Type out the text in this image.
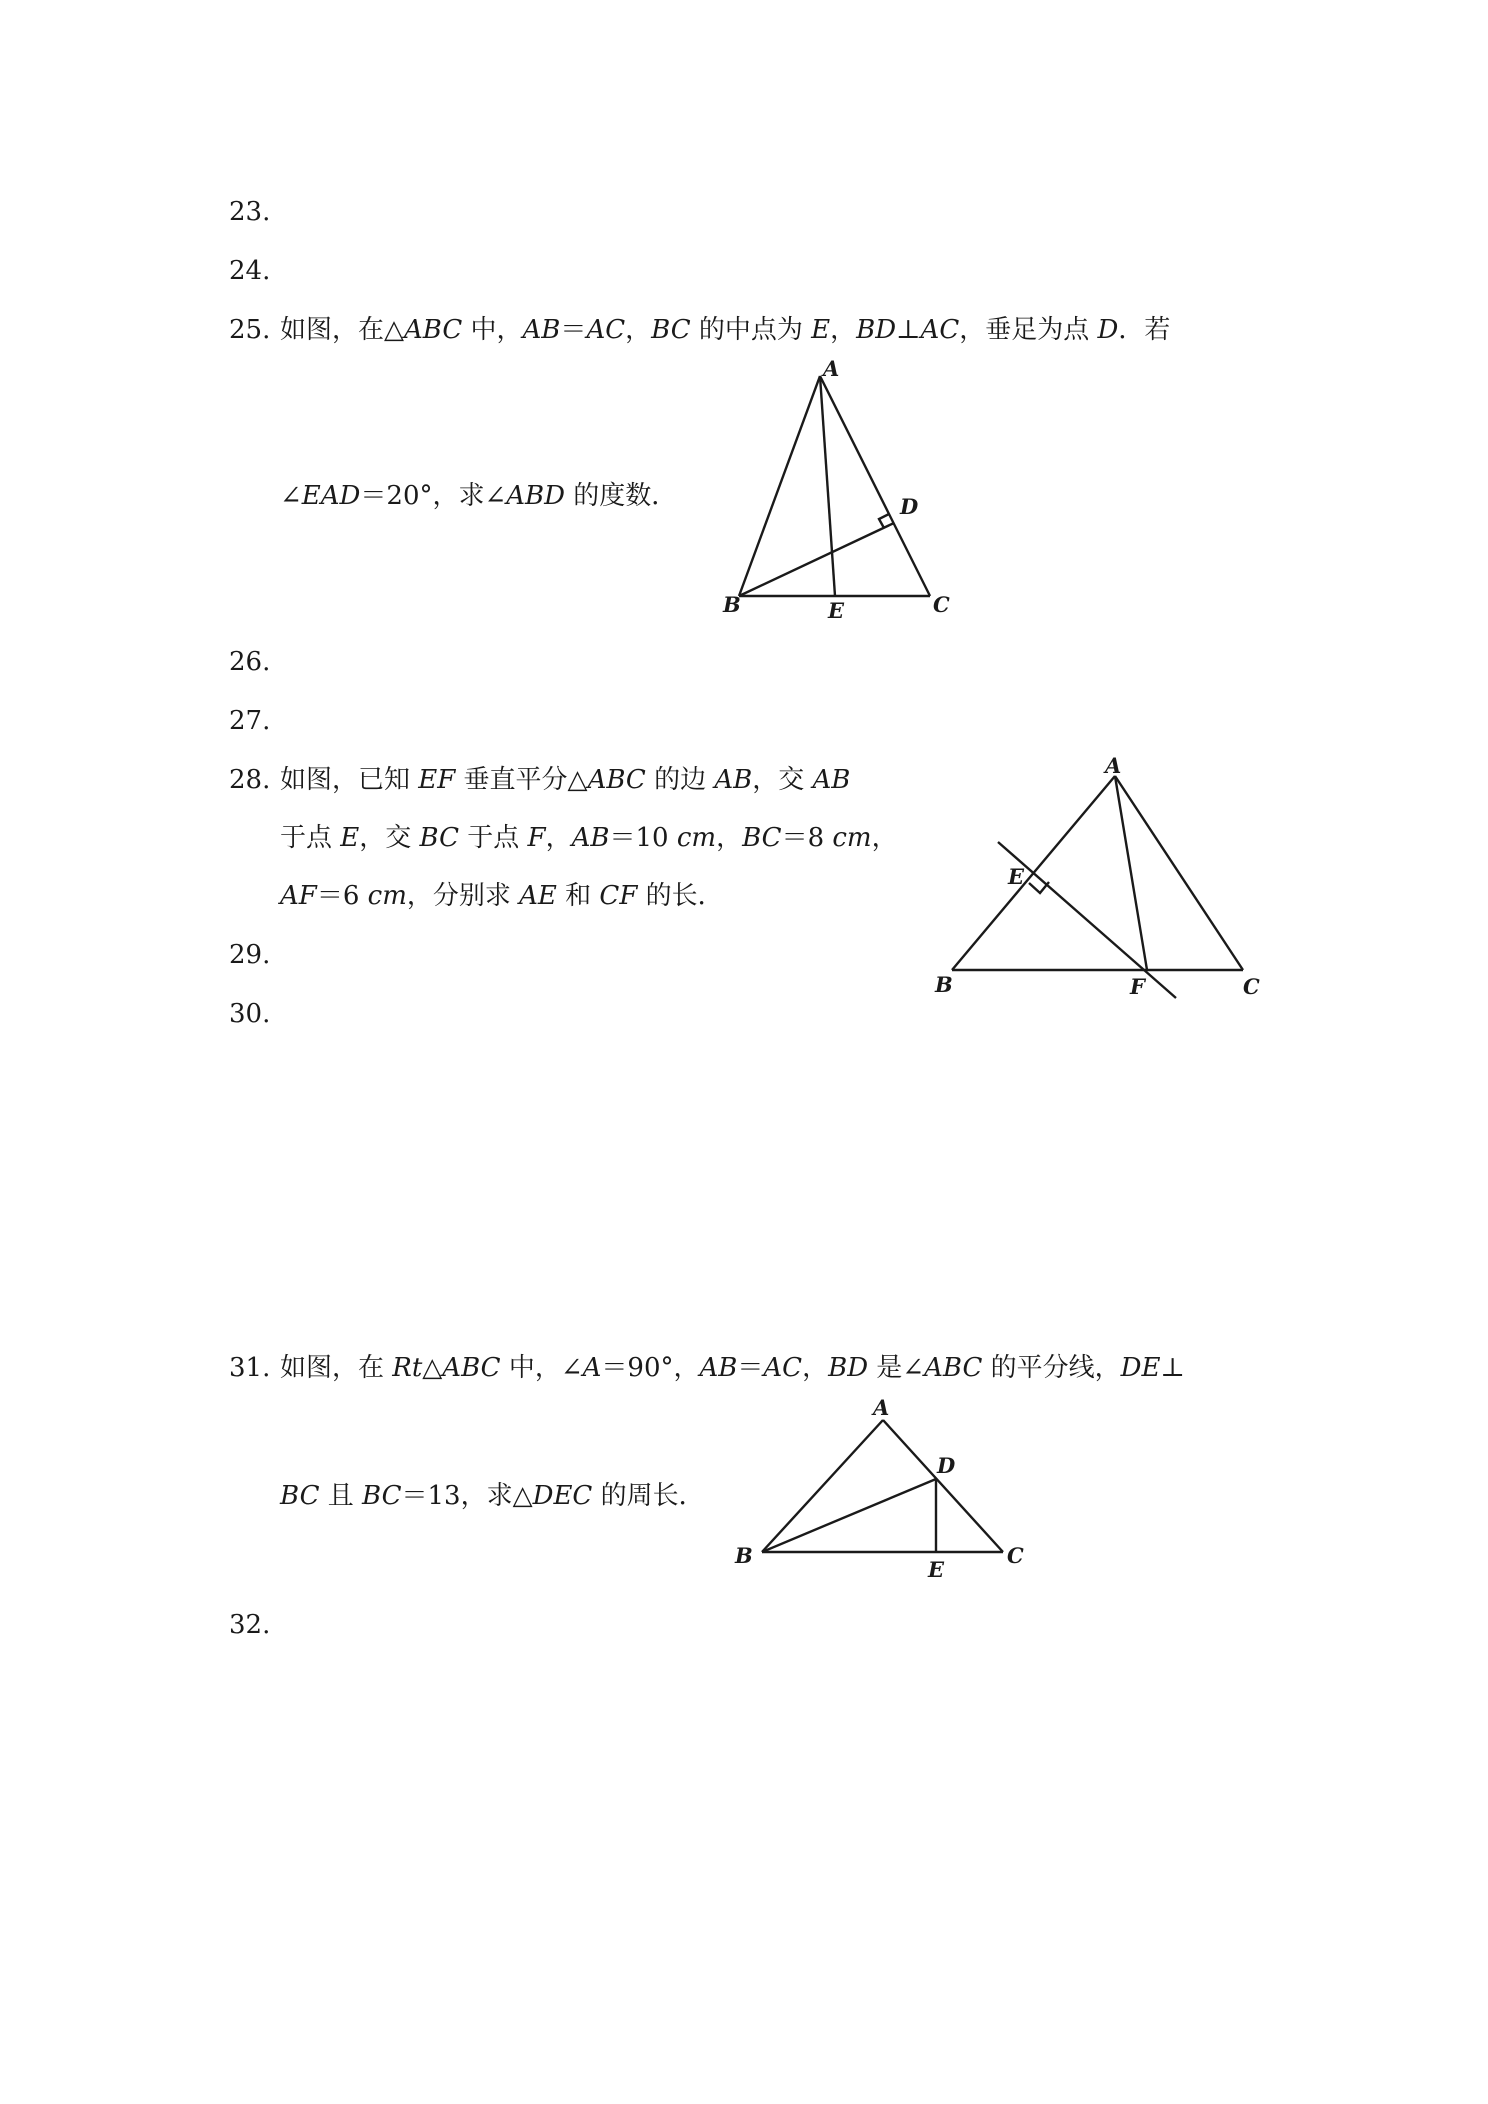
23.
24.
25. 如图，在△ABC 中，AB＝AC，BC 的中点为 E，BD⊥AC，垂足为点 D．若
∠EAD＝20°，求∠ABD 的度数．
A
B	C
D
E
26.
27.
28. 如图，已知 EF 垂直平分△ABC 的边 AB，交 AB
于点 E，交 BC 于点 F，AB＝10 cm，BC＝8 cm，
AF＝6 cm，分别求 AE 和 CF 的长．
A
B	C
E
F
29.
30.
31. 如图，在 Rt△ABC 中，∠A＝90°，AB＝AC，BD 是∠ABC 的平分线，DE⊥
BC 且 BC＝13，求△DEC 的周长．
A
B	C
D
E
32.
